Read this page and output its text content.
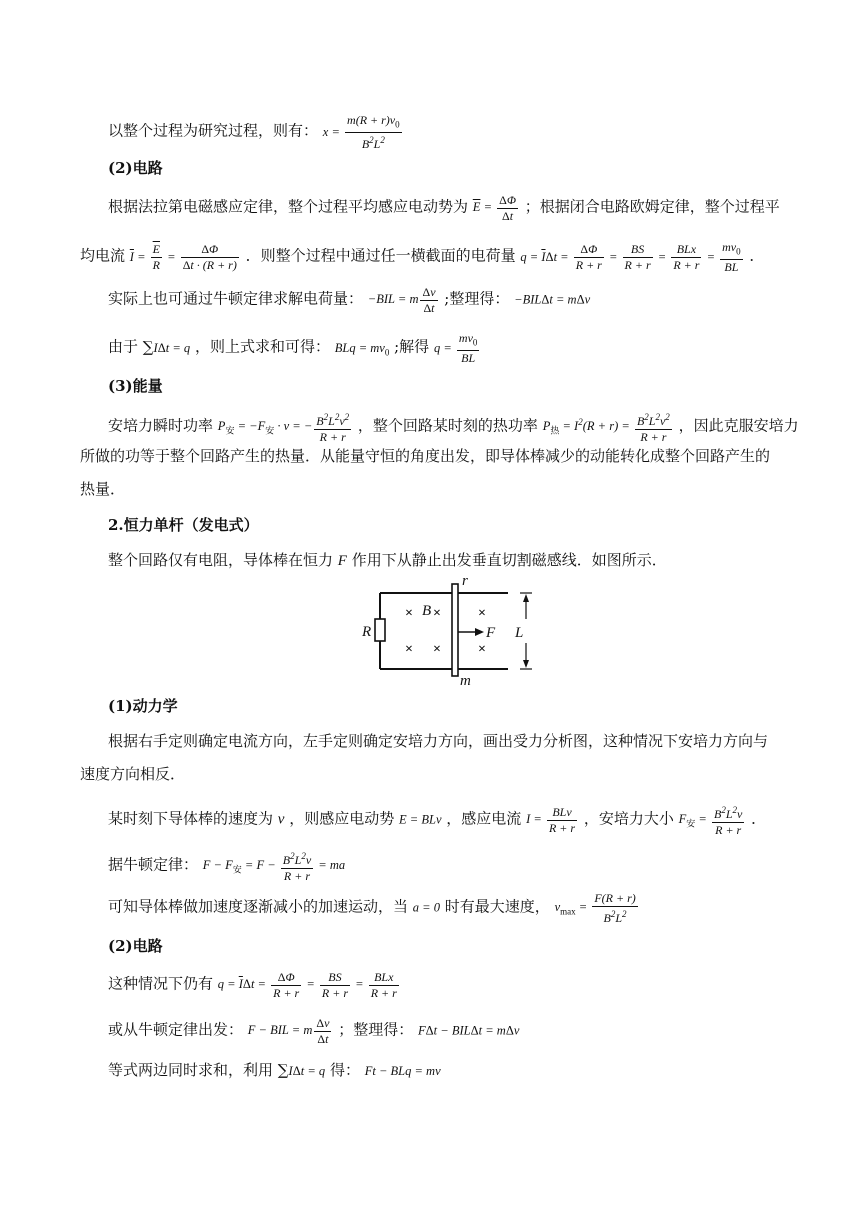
以整个过程为研究过程，则有： $x = \frac{m(R + r)v_0}{B^2L^2}$
(2)电路
根据法拉第电磁感应定律，整个过程平均感应电动势为 $\overline{E} = \frac{\Delta\Phi}{\Delta t}$ ；根据闭合电路欧姆定律，整个过程平
均电流 $\overline{I} = \frac{\overline{E}}{R} = \frac{\Delta\Phi}{\Delta t \cdot (R + r)}$ ．则整个过程中通过任一横截面的电荷量 $q = \overline{I}\Delta t = \frac{\Delta\Phi}{R + r} = \frac{BS}{R + r} = \frac{\text{BLx}}{R + r} = \frac{mv_0}{BL}$ ．
实际上也可通过牛顿定律求解电荷量： −BIL = m $\frac{\Delta v}{\Delta t}$ ;整理得： −BILΔt = mΔv
由于 ∑IΔt = q ，则上式求和可得： BLq = $mv_0$ ;解得 $q = \frac{mv_0}{BL}$
(3)能量
安培力瞬时功率 $P_安 = -F_安 \cdot v$ = − $\frac{B^2L^2v^2}{R + r}$ ，整个回路某时刻的热功率 $P_热 = I^2(R + r) = \frac{B^2L^2v^2}{R + r}$ ，因此克服安培力
所做的功等于整个回路产生的热量．从能量守恒的角度出发，即导体棒减少的动能转化成整个回路产生的
热量．
2.恒力单杆（发电式）
整个回路仅有电阻，导体棒在恒力 F 作用下从静止出发垂直切割磁感线．如图所示．
× ×	×
× ×	×
R
B
F L
r
m
(1)动力学
根据右手定则确定电流方向，左手定则确定安培力方向，画出受力分析图，这种情况下安培力方向与
速度方向相反．
某时刻下导体棒的速度为 v ，则感应电动势 E = BLv ，感应电流 $I = \frac{\text{BLv}}{R + r}$ ，安培力大小 $F_安 = \frac{B^2L^2v}{R + r}$ ．
据牛顿定律： $F - F_安 = F - \frac{B^2L^2v}{R + r}$ = ma
可知导体棒做加速度逐渐减小的加速运动，当 a = 0 时有最大速度， $v_{max} = \frac{F(R + r)}{B^2L^2}$
(2)电路
这种情况下仍有 $q = \overline{I}\Delta t = \frac{\Delta\Phi}{R + r} = \frac{BS}{R + r} = \frac{\text{BLx}}{R + r}$
或从牛顿定律出发： F − BIL = m $\frac{\Delta v}{\Delta t}$ ；整理得： FΔt − BILΔt = mΔv
等式两边同时求和，利用 ∑IΔt = q 得： Ft − BLq = mv
